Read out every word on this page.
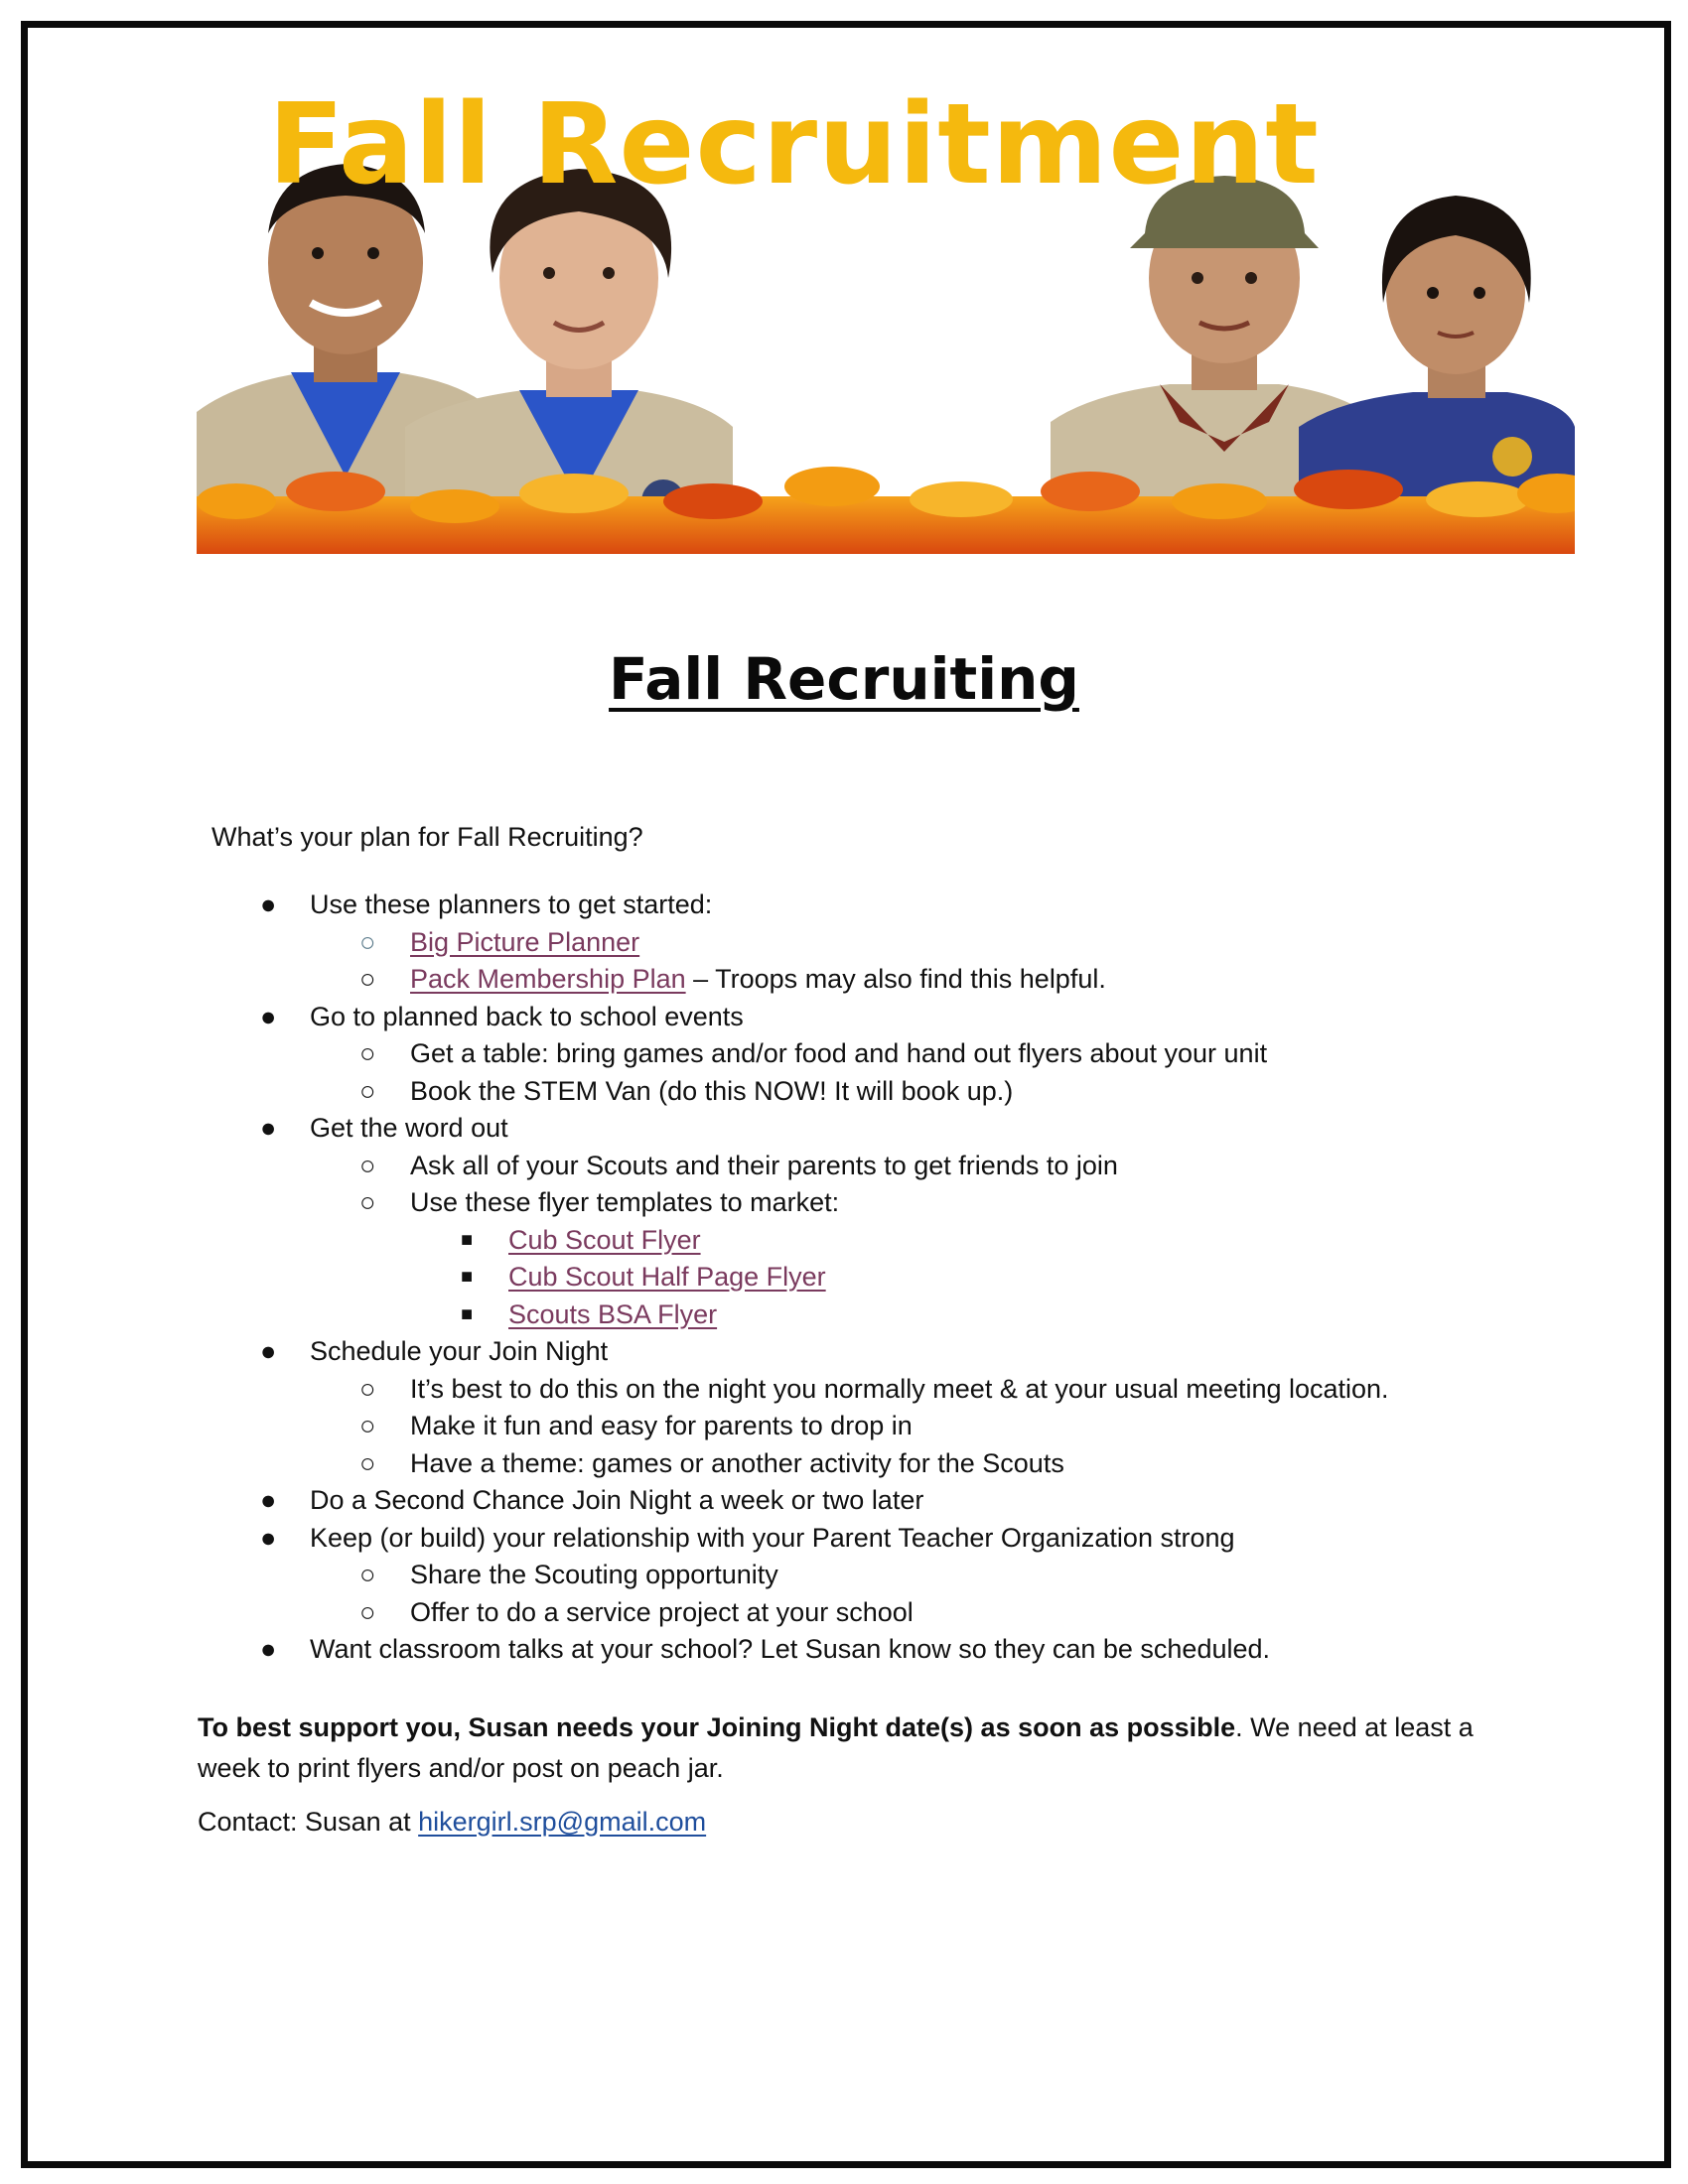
Fall Recruitment
Fall Recruiting

What’s your plan for Fall Recruiting?

● Use these planners to get started:
○ Big Picture Planner
○ Pack Membership Plan – Troops may also find this helpful.
● Go to planned back to school events
○ Get a table: bring games and/or food and hand out flyers about your unit
○ Book the STEM Van (do this NOW! It will book up.)
● Get the word out
○ Ask all of your Scouts and their parents to get friends to join
○ Use these flyer templates to market:
■ Cub Scout Flyer
■ Cub Scout Half Page Flyer
■ Scouts BSA Flyer
● Schedule your Join Night
○ It’s best to do this on the night you normally meet & at your usual meeting location.
○ Make it fun and easy for parents to drop in
○ Have a theme: games or another activity for the Scouts
● Do a Second Chance Join Night a week or two later
● Keep (or build) your relationship with your Parent Teacher Organization strong
○ Share the Scouting opportunity
○ Offer to do a service project at your school
● Want classroom talks at your school? Let Susan know so they can be scheduled.

To best support you, Susan needs your Joining Night date(s) as soon as possible. We need at least a week to print flyers and/or post on peach jar.

Contact: Susan at hikergirl.srp@gmail.com
